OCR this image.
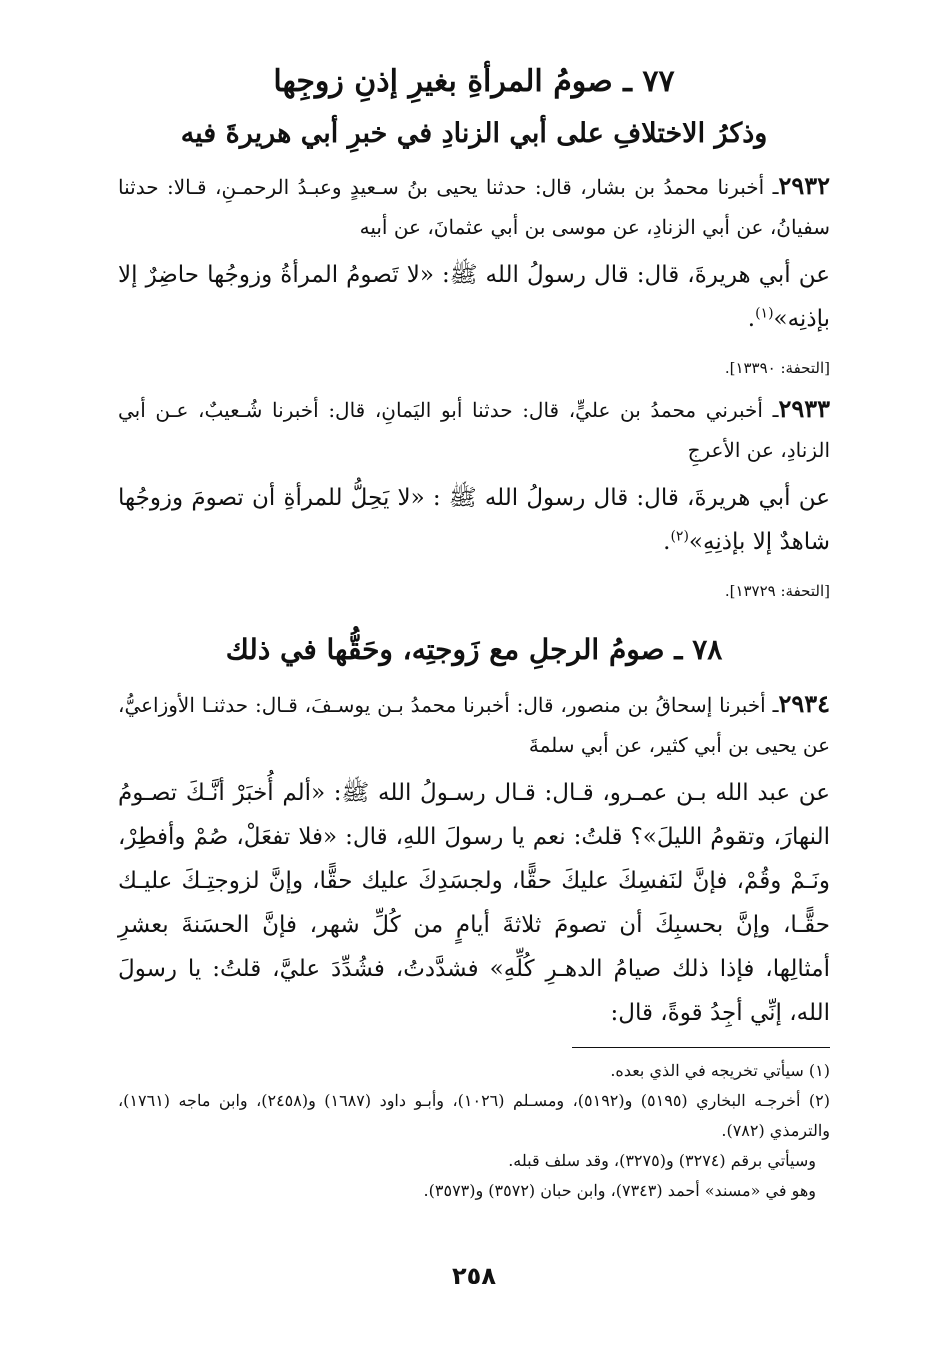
٧٧ ـ صومُ المرأةِ بغيرِ إذنِ زوجِها
وذكرُ الاختلافِ على أبي الزنادِ في خبرِ أبي هريرةَ فيه

٢٩٣٢ـ أخبرنا محمدُ بن بشار، قال: حدثنا يحيى بنُ سـعيدٍ وعبـدُ الرحمـنِ، قـالا: حدثنا سفيانُ، عن أبي الزنادِ، عن موسى بن أبي عثمانَ، عن أبيه

عن أبي هريرةَ، قال: قال رسولُ الله ﷺ: «لا تَصومُ المرأةُ وزوجُها حاضِرٌ إلا بإذنِه»$^{(١)}$.

[التحفة: ١٣٣٩٠].

٢٩٣٣ـ أخبرني محمدُ بن عليٍّ، قال: حدثنا أبو اليَمانِ، قال: أخبرنا شُـعيبٌ، عـن أبي الزنادِ، عن الأعرجِ

عن أبي هريرةَ، قال: قال رسولُ الله ﷺ : «لا يَحِلُّ للمرأةِ أن تصومَ وزوجُها شاهدٌ إلا بإذنِهِ»$^{(٢)}$.

[التحفة: ١٣٧٢٩].

٧٨ ـ صومُ الرجلِ مع زَوجتِه، وحَقُّها في ذلك

٢٩٣٤ـ أخبرنا إسحاقُ بن منصور، قال: أخبرنا محمدُ بـن يوسـفَ، قـال: حدثنـا الأوزاعيُّ، عن يحيى بن أبي كثير، عن أبي سلمةَ

عن عبد الله بـن عمـرو، قـال: قـال رسـولُ الله ﷺ: «ألم أُخبَرْ أنَّـكَ تصـومُ النهارَ، وتقومُ الليلَ»؟ قلتُ: نعم يا رسولَ اللهِ، قال: «فلا تفعَلْ، صُمْ وأفطِرْ، ونَـمْ وقُمْ، فإنَّ لنَفسِكَ عليكَ حقًّا، ولجسَدِكَ عليك حقًّا، وإنَّ لزوجتِـكَ عليـك حقًّـا، وإنَّ بحسبِكَ أن تصومَ ثلاثةَ أيامٍ من كُلِّ شهر، فإنَّ الحسَنةَ بعشرِ أمثالِها، فإذا ذلك صيامُ الدهـرِ كُلِّهِ» فشدَّدتُ، فشُدِّدَ عليَّ، قلتُ: يا رسولَ الله، إنِّي أجِدُ قوةً، قال:

(١) سيأتي تخريجه في الذي بعده.

(٢) أخرجـه البخاري (٥١٩٥) و(٥١٩٢)، ومسـلم (١٠٢٦)، وأبـو داود (١٦٨٧) و(٢٤٥٨)، وابن ماجه (١٧٦١)، والترمذي (٧٨٢).

وسيأتي برقم (٣٢٧٤) و(٣٢٧٥)، وقد سلف قبله.

وهو في «مسند» أحمد (٧٣٤٣)، وابن حبان (٣٥٧٢) و(٣٥٧٣).

٢٥٨
